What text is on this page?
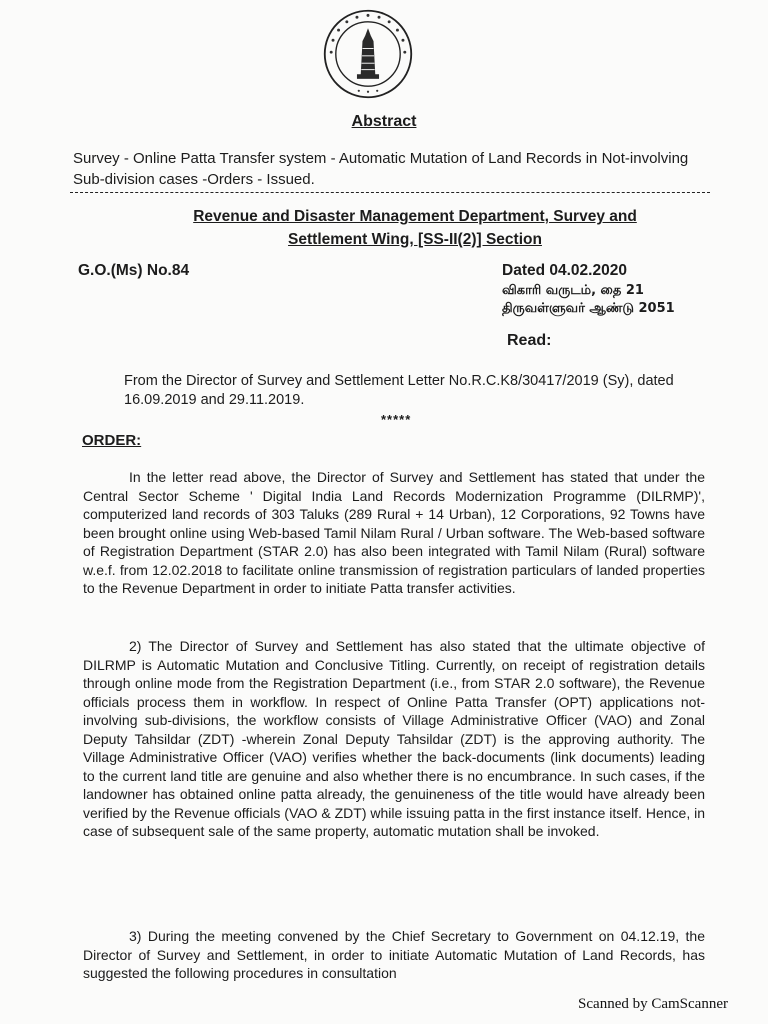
Abstract
Survey - Online Patta Transfer system - Automatic Mutation of Land Records in Not-involving Sub-division cases -Orders - Issued.
Revenue and Disaster Management Department, Survey and
Settlement Wing, [SS-II(2)] Section
G.O.(Ms) No.84	Dated 04.02.2020
விகாரி வருடம், தை 21
திருவள்ளுவர் ஆண்டு 2051
Read:
From the Director of Survey and Settlement Letter No.R.C.K8/30417/2019 (Sy), dated 16.09.2019 and 29.11.2019.
*****
ORDER:
In the letter read above, the Director of Survey and Settlement has stated that under the Central Sector Scheme ' Digital India Land Records Modernization Programme (DILRMP)', computerized land records of 303 Taluks (289 Rural + 14 Urban), 12 Corporations, 92 Towns have been brought online using Web-based Tamil Nilam Rural / Urban software. The Web-based software of Registration Department (STAR 2.0) has also been integrated with Tamil Nilam (Rural) software w.e.f. from 12.02.2018 to facilitate online transmission of registration particulars of landed properties to the Revenue Department in order to initiate Patta transfer activities.
2) The Director of Survey and Settlement has also stated that the ultimate objective of DILRMP is Automatic Mutation and Conclusive Titling. Currently, on receipt of registration details through online mode from the Registration Department (i.e., from STAR 2.0 software), the Revenue officials process them in workflow. In respect of Online Patta Transfer (OPT) applications not-involving sub-divisions, the workflow consists of Village Administrative Officer (VAO) and Zonal Deputy Tahsildar (ZDT) -wherein Zonal Deputy Tahsildar (ZDT) is the approving authority. The Village Administrative Officer (VAO) verifies whether the back-documents (link documents) leading to the current land title are genuine and also whether there is no encumbrance. In such cases, if the landowner has obtained online patta already, the genuineness of the title would have already been verified by the Revenue officials (VAO & ZDT) while issuing patta in the first instance itself. Hence, in case of subsequent sale of the same property, automatic mutation shall be invoked.
3) During the meeting convened by the Chief Secretary to Government on 04.12.19, the Director of Survey and Settlement, in order to initiate Automatic Mutation of Land Records, has suggested the following procedures in consultation
Scanned by CamScanner
